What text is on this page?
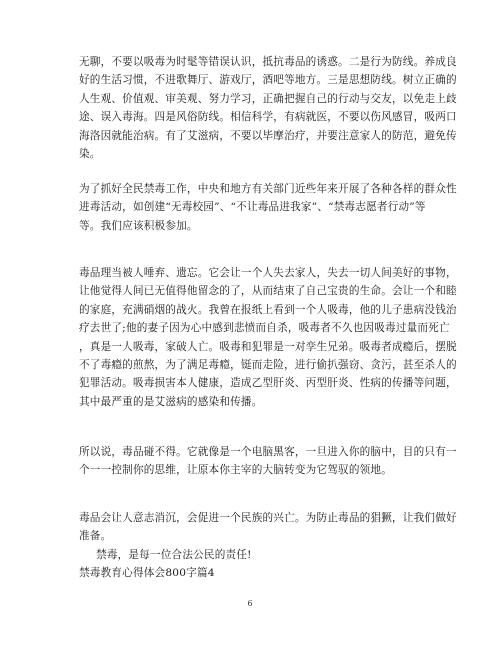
无聊，不要以吸毒为时髦等错误认识，抵抗毒品的诱惑。二是行为防线。养成良
好的生活习惯，不进歌舞厅、游戏厅，酒吧等地方。三是思想防线。树立正确的
人生观、价值观、审美观、努力学习，正确把握自己的行动与交友，以免走上歧
途、误入毒海。四是风俗防线。相信科学，有病就医，不要以伤风感冒，吸两口
海洛因就能治病。有了艾滋病，不要以毕摩治疗，并要注意家人的防范，避免传
染。
为了抓好全民禁毒工作，中央和地方有关部门近些年来开展了各种各样的群众性
进毒活动，如创建“无毒校园”、“不让毒品进我家”、“禁毒志愿者行动”等
等。我们应该积极参加。
毒品理当被人唾弃、遗忘。它会让一个人失去家人，失去一切人间美好的事物，
让他觉得人间已无值得他留念的了，从而结束了自己宝贵的生命。会让一个和睦
的家庭，充满硝烟的战火。我曾在报纸上看到一个人吸毒，他的儿子患病没钱治
疗去世了;他的妻子因为心中感到悲愤而自杀，吸毒者不久也因吸毒过量而死亡
，真是一人吸毒，家破人亡。吸毒和犯罪是一对孪生兄弟。吸毒者成瘾后，摆脱
不了毒瘾的煎熬，为了满足毒瘾，铤而走险，进行偷扒强窃、贪污，甚至杀人的
犯罪活动。吸毒损害本人健康，造成乙型肝炎、丙型肝炎、性病的传播等问题，
其中最严重的是艾滋病的感染和传播。
所以说，毒品碰不得。它就像是一个电脑黑客，一旦进入你的脑中，目的只有一
个一一控制你的思维，让原本你主宰的大脑转变为它驾驭的领地。
毒品会让人意志消沉，会促进一个民族的兴亡。为防止毒品的猖獗，让我们做好
准备。
禁毒，是每一位合法公民的责任!
禁毒教育心得体会800字篇4
6
